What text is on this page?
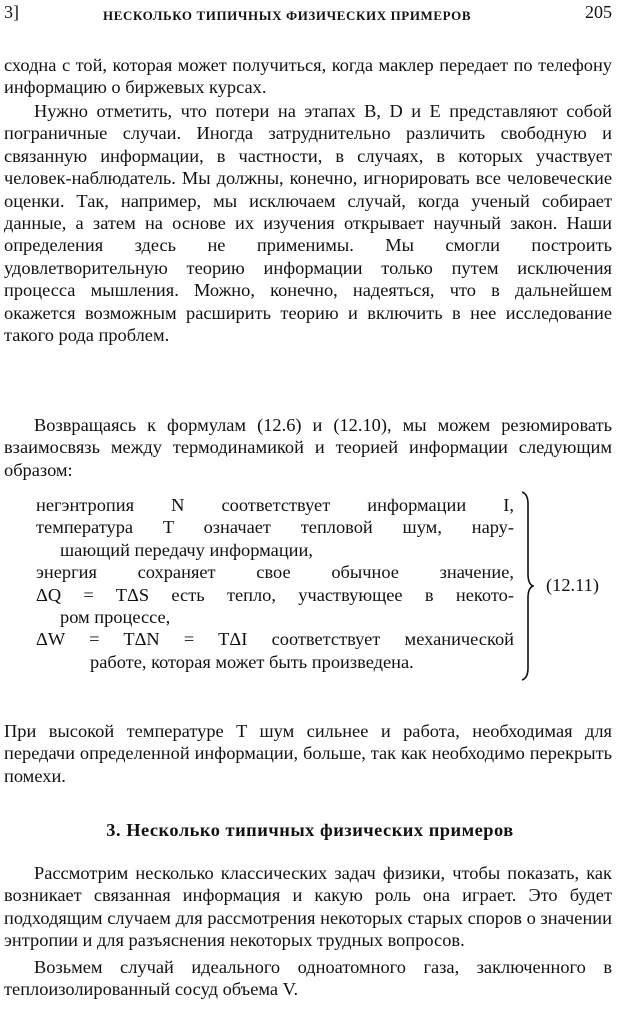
3]	НЕСКОЛЬКО ТИПИЧНЫХ ФИЗИЧЕСКИХ ПРИМЕРОВ	205

сходна с той, которая может получиться, когда маклер передает по телефону информацию о биржевых курсах.

Нужно отметить, что потери на этапах B, D и E представляют собой пограничные случаи. Иногда затруднительно различить свободную и связанную информации, в частности, в случаях, в которых участвует человек-наблюдатель. Мы должны, конечно, игнорировать все человеческие оценки. Так, например, мы исключаем случай, когда ученый собирает данные, а затем на основе их изучения открывает научный закон. Наши определения здесь не применимы. Мы смогли построить удовлетворительную теорию информации только путем исключения процесса мышления. Можно, конечно, надеяться, что в дальнейшем окажется возможным расширить теорию и включить в нее исследование такого рода проблем.

Возвращаясь к формулам (12.6) и (12.10), мы можем резюмировать взаимосвязь между термодинамикой и теорией информации следующим образом:

негэнтропия N соответствует информации I,
температура T означает тепловой шум, нару-
шающий передачу информации,
энергия сохраняет свое обычное значение,
ΔQ = TΔS есть тепло, участвующее в некото-
ром процессе,
ΔW = TΔN = TΔI соответствует механической
работе, которая может быть произведена.
(12.11)

При высокой температуре T шум сильнее и работа, необходимая для передачи определенной информации, больше, так как необходимо перекрыть помехи.

3. Несколько типичных физических примеров

Рассмотрим несколько классических задач физики, чтобы показать, как возникает связанная информация и какую роль она играет. Это будет подходящим случаем для рассмотрения некоторых старых споров о значении энтропии и для разъяснения некоторых трудных вопросов.

Возьмем случай идеального одноатомного газа, заключенного в теплоизолированный сосуд объема V.
